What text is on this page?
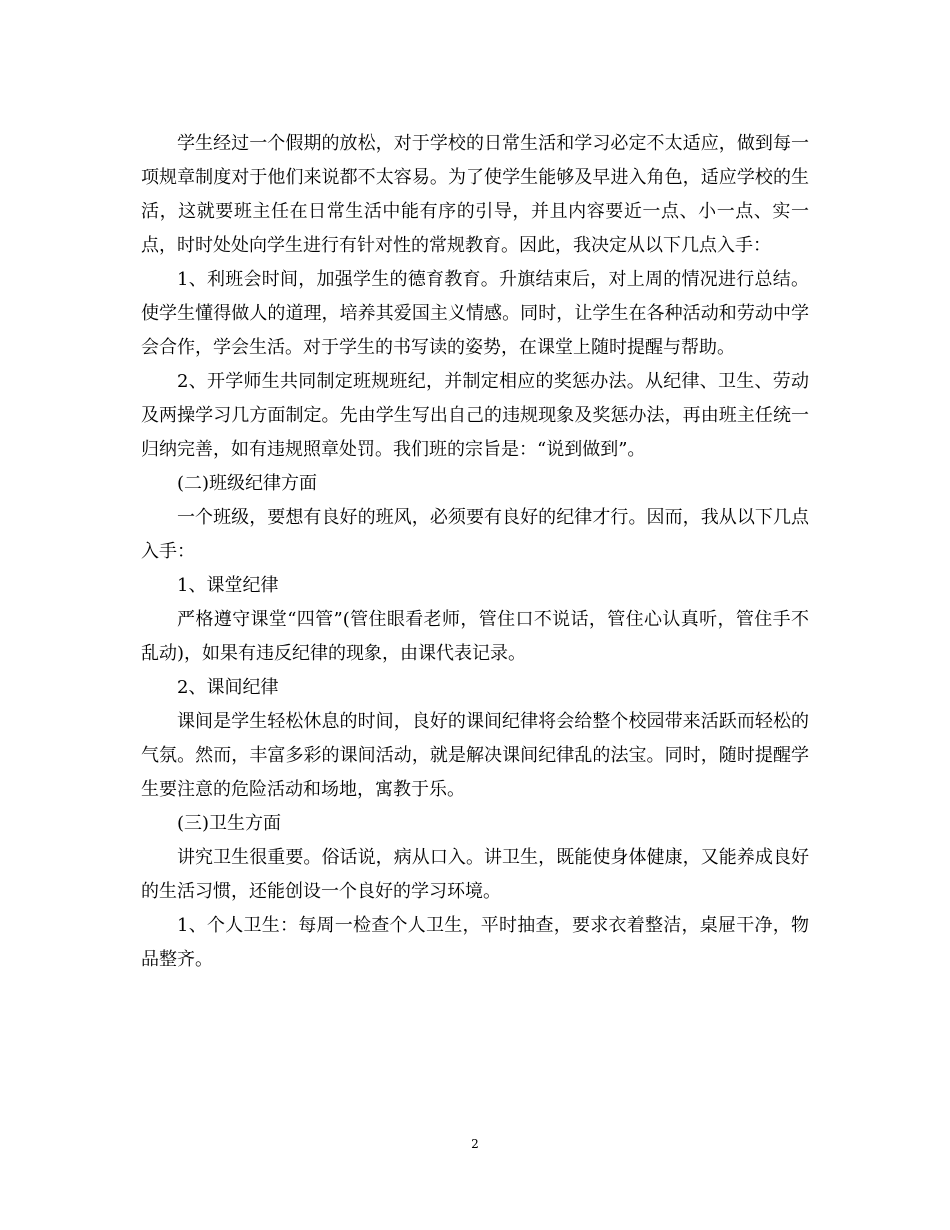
学生经过一个假期的放松，对于学校的日常生活和学习必定不太适应，做到每一项规章制度对于他们来说都不太容易。为了使学生能够及早进入角色，适应学校的生活，这就要班主任在日常生活中能有序的引导，并且内容要近一点、小一点、实一点，时时处处向学生进行有针对性的常规教育。因此，我决定从以下几点入手：

1、利班会时间，加强学生的德育教育。升旗结束后，对上周的情况进行总结。使学生懂得做人的道理，培养其爱国主义情感。同时，让学生在各种活动和劳动中学会合作，学会生活。对于学生的书写读的姿势，在课堂上随时提醒与帮助。

2、开学师生共同制定班规班纪，并制定相应的奖惩办法。从纪律、卫生、劳动及两操学习几方面制定。先由学生写出自己的违规现象及奖惩办法，再由班主任统一归纳完善，如有违规照章处罚。我们班的宗旨是：“说到做到”。

(二)班级纪律方面

一个班级，要想有良好的班风，必须要有良好的纪律才行。因而，我从以下几点入手：

1、课堂纪律

严格遵守课堂“四管”(管住眼看老师，管住口不说话，管住心认真听，管住手不乱动)，如果有违反纪律的现象，由课代表记录。

2、课间纪律

课间是学生轻松休息的时间，良好的课间纪律将会给整个校园带来活跃而轻松的气氛。然而，丰富多彩的课间活动，就是解决课间纪律乱的法宝。同时，随时提醒学生要注意的危险活动和场地，寓教于乐。

(三)卫生方面

讲究卫生很重要。俗话说，病从口入。讲卫生，既能使身体健康，又能养成良好的生活习惯，还能创设一个良好的学习环境。

1、个人卫生：每周一检查个人卫生，平时抽查，要求衣着整洁，桌屉干净，物品整齐。

2
